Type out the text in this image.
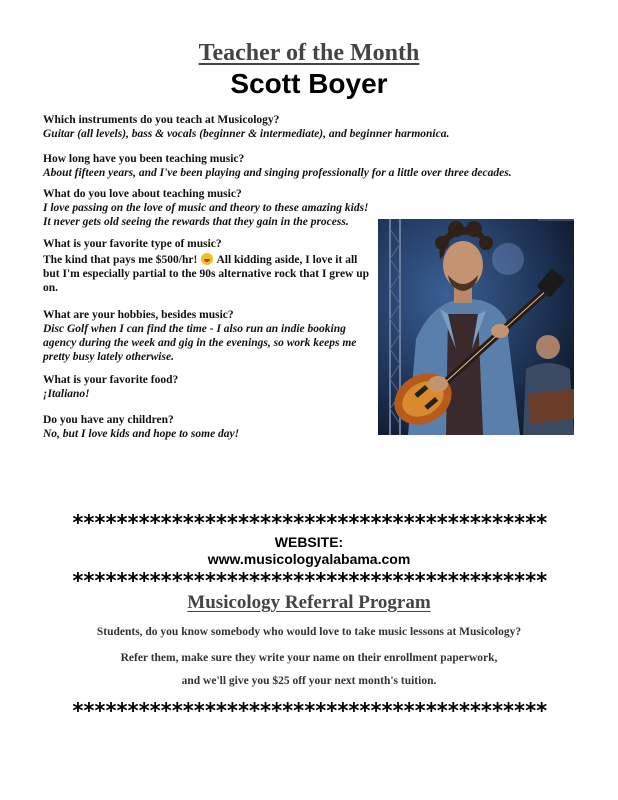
Teacher of the Month
Scott Boyer
Which instruments do you teach at Musicology?
Guitar (all levels), bass & vocals (beginner & intermediate), and beginner harmonica.
How long have you been teaching music?
About fifteen years, and I've been playing and singing professionally for a little over three decades.
What do you love about teaching music?
I love passing on the love of music and theory to these amazing kids!
It never gets old seeing the rewards that they gain in the process.
What is your favorite type of music?
The kind that pays me $500/hr! All kidding aside, I love it all
but I'm especially partial to the 90s alternative rock that I grew up
on.
What are your hobbies, besides music?
Disc Golf when I can find the time - I also run an indie booking
agency during the week and gig in the evenings, so work keeps me
pretty busy lately otherwise.
What is your favorite food?
¡Italiano!
Do you have any children?
No, but I love kids and hope to some day!
*******************************************
WEBSITE:
www.musicologyalabama.com
*******************************************
Musicology Referral Program
Students, do you know somebody who would love to take music lessons at Musicology?
Refer them, make sure they write your name on their enrollment paperwork,
and we'll give you $25 off your next month's tuition.
*******************************************
